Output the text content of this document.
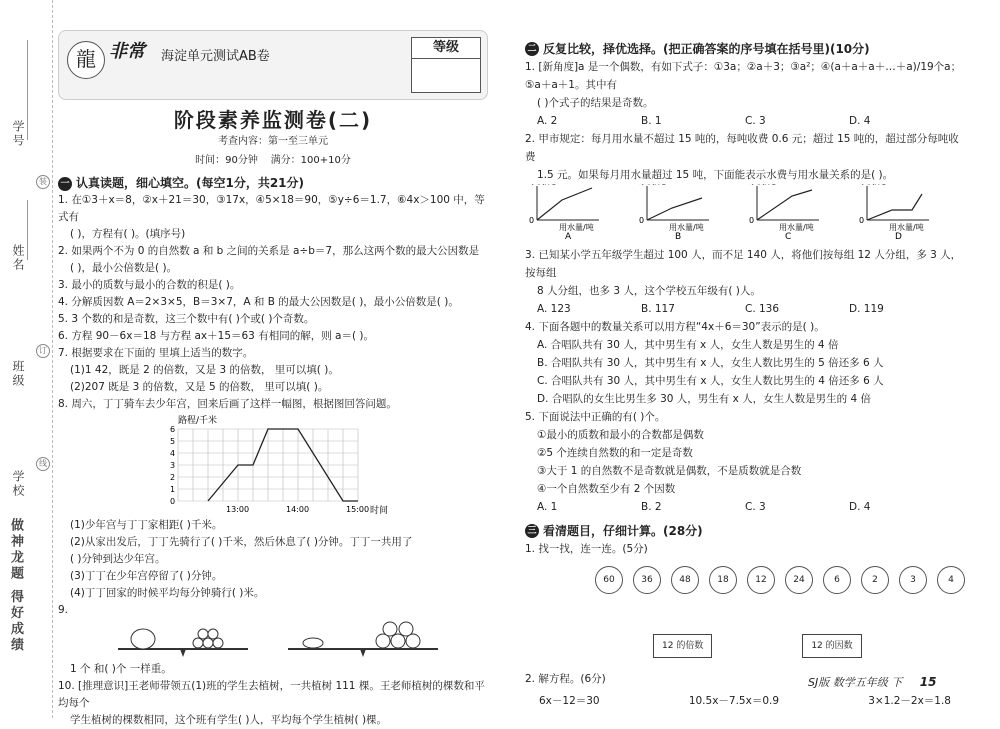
学号
装
姓名
订
班级
线
学校
做神龙题 得好成绩
龍 非常 海淀单元测试AB卷
等级
阶段素养监测卷(二)
考查内容：第一至三单元
时间：90分钟 满分：100+10分
一 认真读题，细心填空。(每空1分，共21分)

1. 在①3＋x＝8，②x＋21＝30，③17x，④5×18＝90，⑤y÷6＝1.7，⑥4x＞100 中，等式有

( )，方程有( )。(填序号)

2. 如果两个不为 0 的自然数 a 和 b 之间的关系是 a÷b＝7，那么这两个数的最大公因数是

( )，最小公倍数是( )。

3. 最小的质数与最小的合数的积是( )。

4. 分解质因数 A＝2×3×5，B＝3×7，A 和 B 的最大公因数是( )，最小公倍数是( )。

5. 3 个数的和是奇数，这三个数中有( )个或( )个奇数。

6. 方程 90－6x＝18 与方程 ax＋15＝63 有相同的解，则 a＝( )。

7. 根据要求在下面的 里填上适当的数字。

(1)1 42，既是 2 的倍数，又是 3 的倍数， 里可以填( )。

(2)207 既是 3 的倍数，又是 5 的倍数， 里可以填( )。

8. 周六，丁丁骑车去少年宫，回来后画了这样一幅图，根据图回答问题。

路程/千米
0
1
2
3
4
5
6
13:00	14:00	15:00 时间

(1)少年宫与丁丁家相距( )千米。

(2)从家出发后，丁丁先骑行了( )千米，然后休息了( )分钟。丁丁一共用了

( )分钟到达少年宫。

(3)丁丁在少年宫停留了( )分钟。

(4)丁丁回家的时候平均每分钟骑行( )米。

9.

1 个 和( )个 一样重。

10. [推理意识]王老师带领五(1)班的学生去植树，一共植树 111 棵。王老师植树的棵数和平均每个

学生植树的棵数相同，这个班有学生( )人，平均每个学生植树( )棵。

二 反复比较，择优选择。(把正确答案的序号填在括号里)(10分)

1. [新角度]a 是一个偶数，有如下式子：①3a；②a＋3；③a²；④(a＋a＋a＋…＋a)/19个a；⑤a＋a＋1。其中有

( )个式子的结果是奇数。

A. 2	B. 1	C. 3	D. 4

2. 甲市规定：每月用水量不超过 15 吨的，每吨收费 0.6 元；超过 15 吨的，超过部分每吨收费

1.5 元。如果每月用水量超过 15 吨，下面能表示水费与用水量关系的是( )。

用水量/吨
0
A
用水量/吨
0
B
用水量/吨
0
C
用水量/吨
0
D

3. 已知某小学五年级学生超过 100 人，而不足 140 人，将他们按每组 12 人分组，多 3 人，按每组

8 人分组，也多 3 人，这个学校五年级有( )人。

A. 123	B. 117	C. 136	D. 119

4. 下面各题中的数量关系可以用方程“4x＋6＝30”表示的是( )。

A. 合唱队共有 30 人，其中男生有 x 人，女生人数是男生的 4 倍

B. 合唱队共有 30 人，其中男生有 x 人，女生人数比男生的 5 倍还多 6 人

C. 合唱队共有 30 人，其中男生有 x 人，女生人数比男生的 4 倍还多 6 人

D. 合唱队的女生比男生多 30 人，男生有 x 人，女生人数是男生的 4 倍

5. 下面说法中正确的有( )个。

①最小的质数和最小的合数都是偶数

②5 个连续自然数的和一定是奇数

③大于 1 的自然数不是奇数就是偶数，不是质数就是合数

④一个自然数至少有 2 个因数

A. 1	B. 2	C. 3	D. 4
三 看清题目，仔细计算。(28分)

1. 找一找，连一连。(5分)

60	36	48	18	12	24	6	2	3	4
12 的倍数	12 的因数

2. 解方程。(6分)

6x－12＝30	10.5x－7.5x＝0.9	3×1.2－2x＝1.8
SJ版 数学五年级 下 15
